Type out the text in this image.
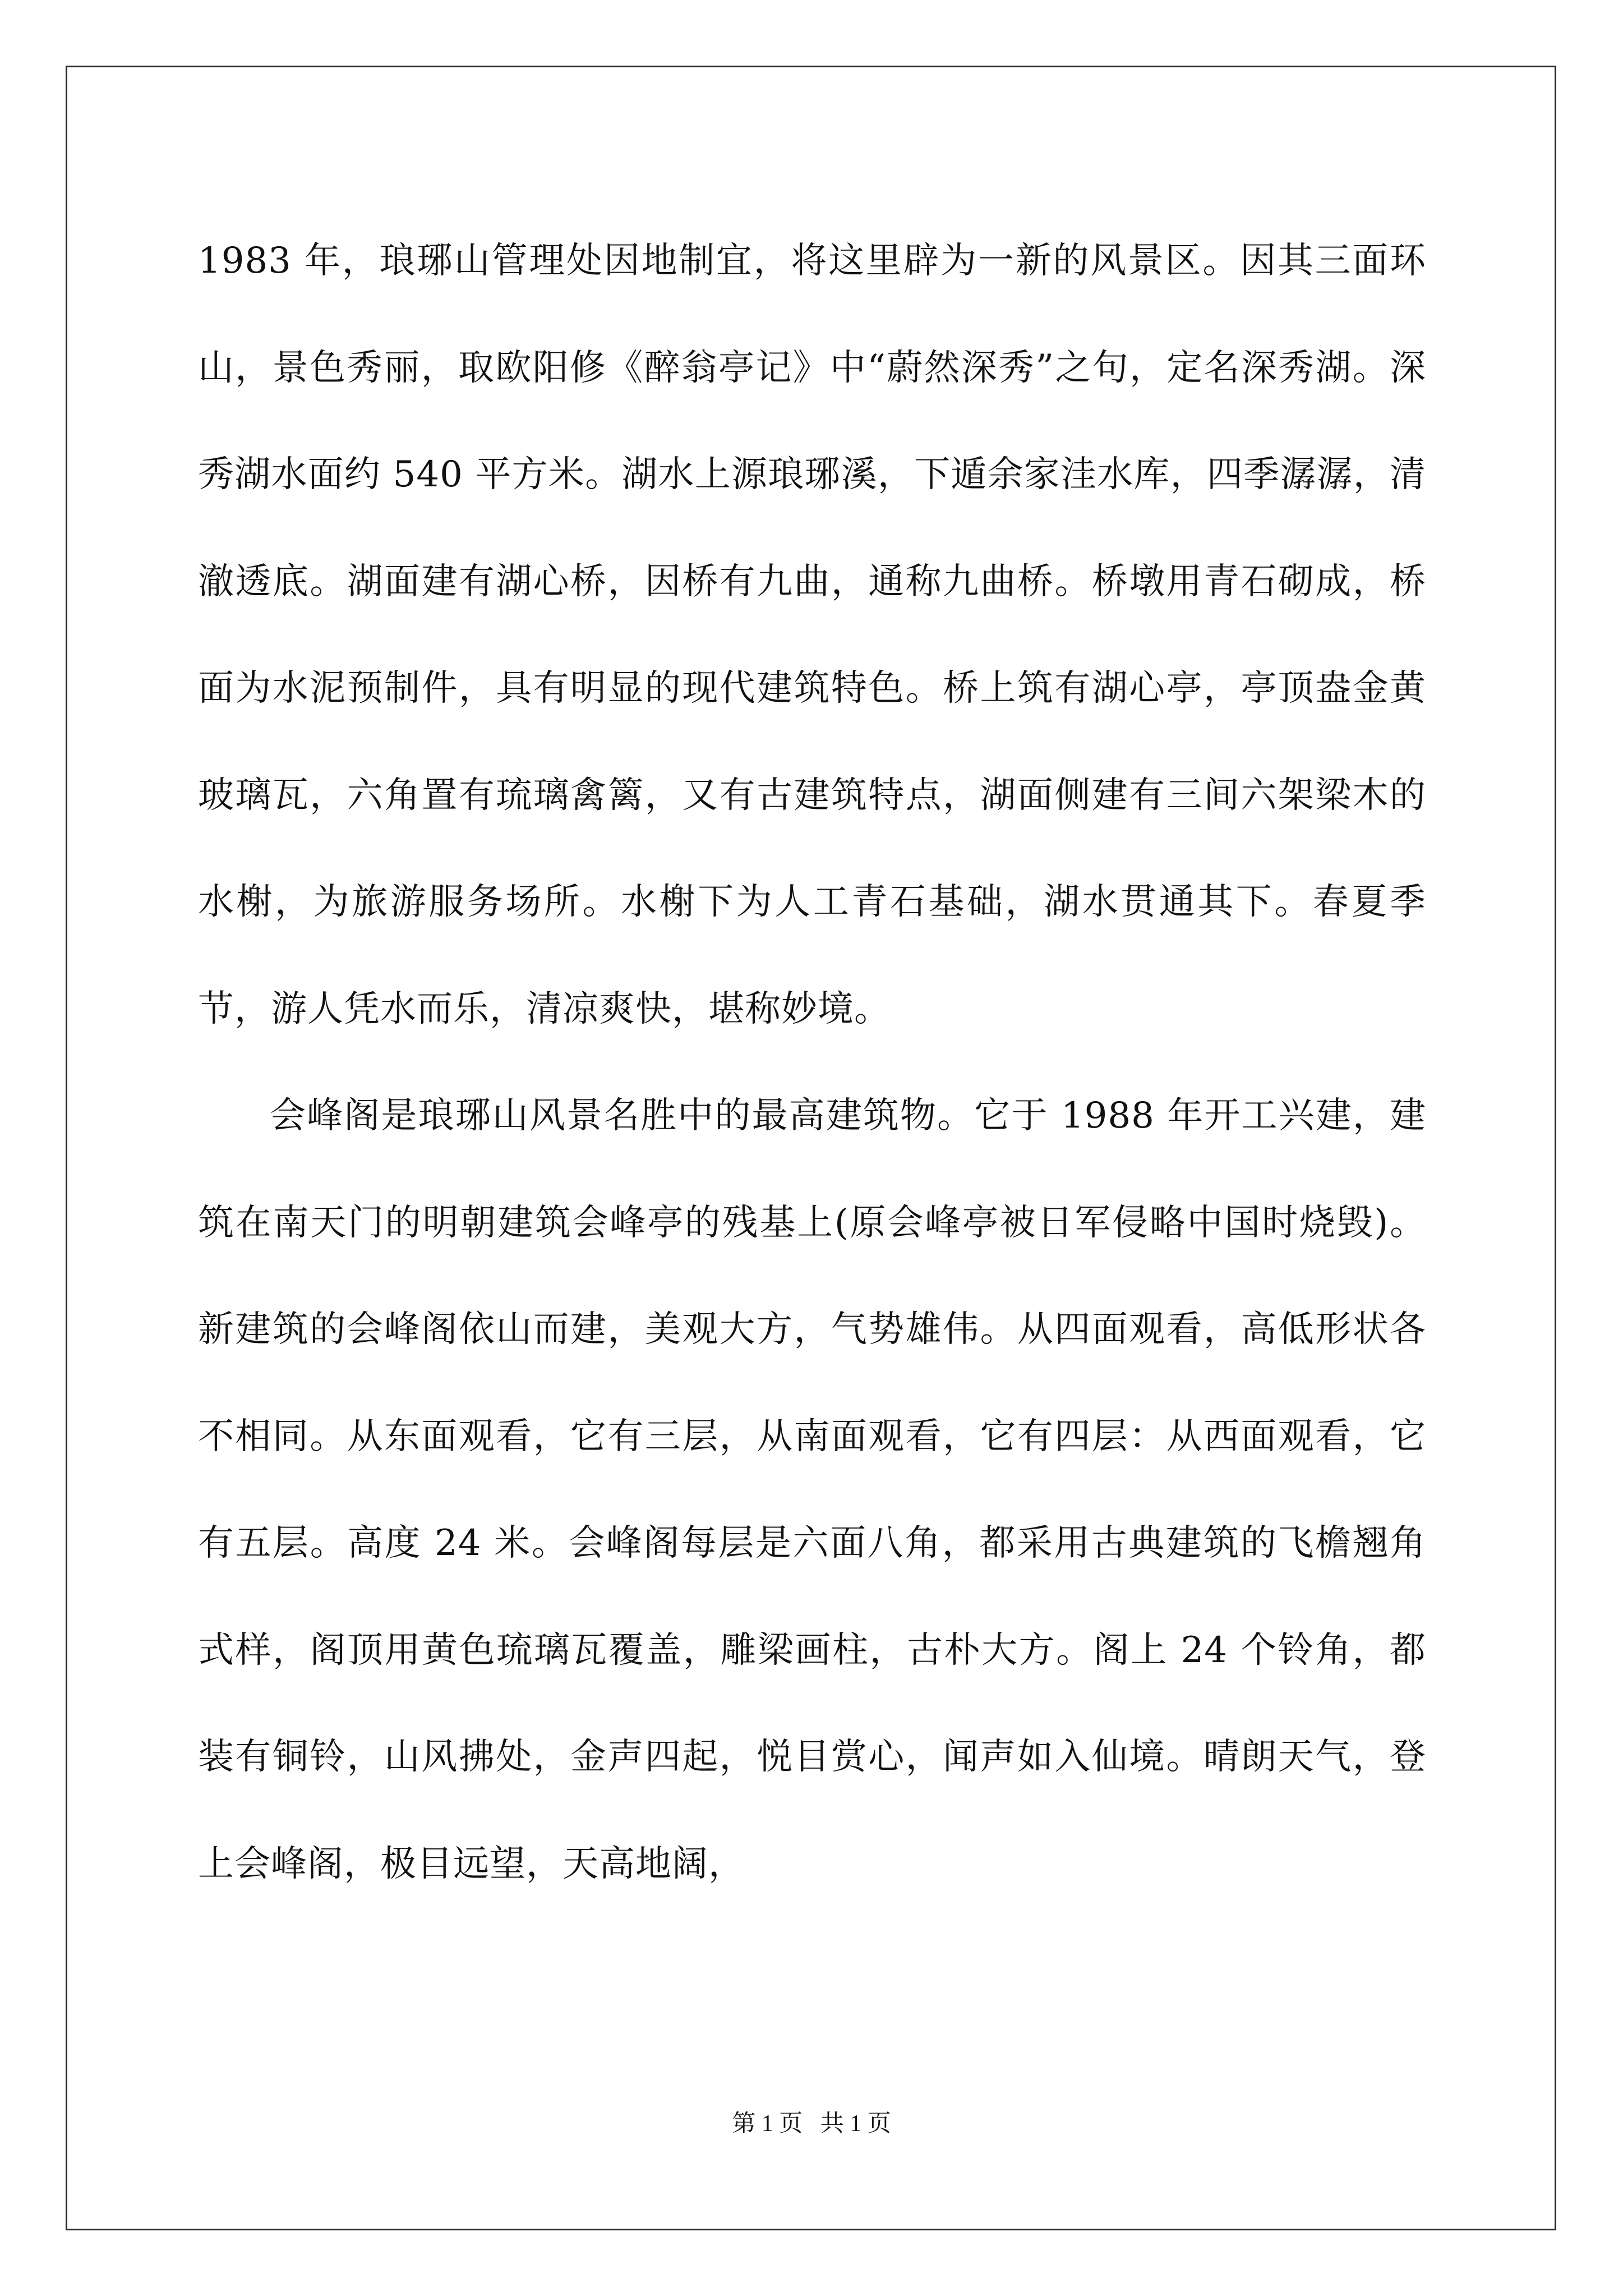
1983 年，琅琊山管理处因地制宜，将这里辟为一新的风景区。因其三面环山，景色秀丽，取欧阳修《醉翁亭记》中“蔚然深秀”之句，定名深秀湖。深秀湖水面约 540 平方米。湖水上源琅琊溪，下遁余家洼水库，四季潺潺，清澈透底。湖面建有湖心桥，因桥有九曲，通称九曲桥。桥墩用青石砌成，桥面为水泥预制件，具有明显的现代建筑特色。桥上筑有湖心亭，亭顶盎金黄玻璃瓦，六角置有琉璃禽篱，又有古建筑特点，湖面侧建有三间六架梁木的水榭，为旅游服务场所。水榭下为人工青石基础，湖水贯通其下。春夏季节，游人凭水而乐，清凉爽快，堪称妙境。

会峰阁是琅琊山风景名胜中的最高建筑物。它于 1988 年开工兴建，建筑在南天门的明朝建筑会峰亭的残基上(原会峰亭被日军侵略中国时烧毁)。新建筑的会峰阁依山而建，美观大方，气势雄伟。从四面观看，高低形状各不相同。从东面观看，它有三层，从南面观看，它有四层：从西面观看，它有五层。高度 24 米。会峰阁每层是六面八角，都采用古典建筑的飞檐翘角式样，阁顶用黄色琉璃瓦覆盖，雕梁画柱，古朴大方。阁上 24 个铃角，都装有铜铃，山风拂处，金声四起，悦目赏心，闻声如入仙境。晴朗天气，登上会峰阁，极目远望，天高地阔，

第 1 页   共 1 页
